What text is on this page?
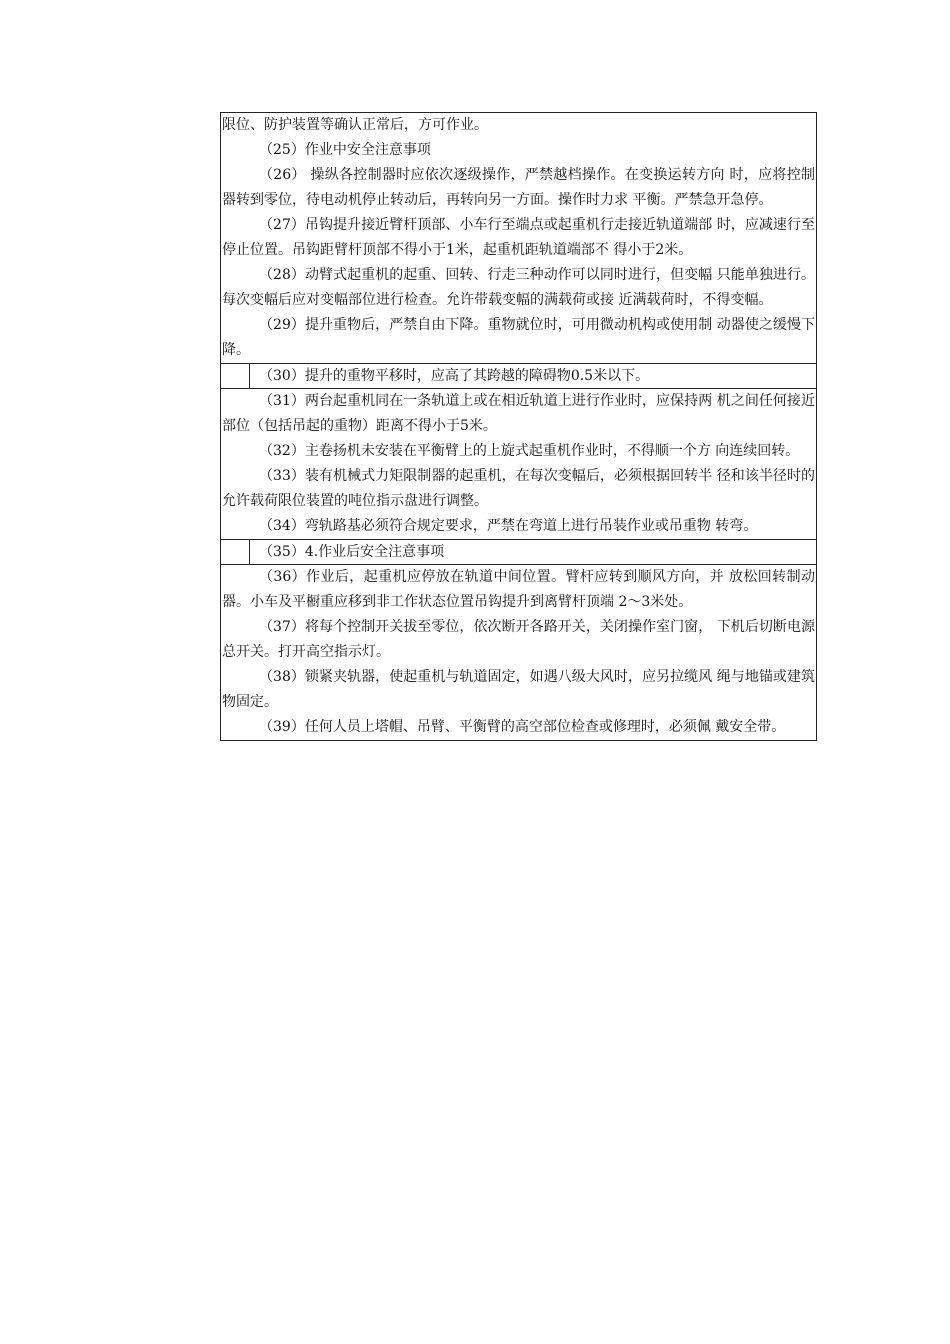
限位、防护装置等确认正常后，方可作业。

（25）作业中安全注意事项

（26） 操纵各控制器时应依次逐级操作，严禁越档操作。在变换运转方向 时，应将控制器转到零位，待电动机停止转动后，再转向另一方面。操作时力求 平衡。严禁急开急停。

（27）吊钩提升接近臂杆顶部、小车行至端点或起重机行走接近轨道端部 时，应减速行至停止位置。吊钩距臂杆顶部不得小于1米，起重机距轨道端部不 得小于2米。

（28）动臂式起重机的起重、回转、行走三种动作可以同时进行，但变幅 只能单独进行。每次变幅后应对变幅部位进行检查。允许带载变幅的满载荷或接 近满载荷时，不得变幅。

（29）提升重物后，严禁自由下降。重物就位时，可用微动机构或使用制 动器使之缓慢下降。

（30）提升的重物平移时，应高了其跨越的障碍物0.5米以下。

（31）两台起重机同在一条轨道上或在相近轨道上进行作业时，应保持两 机之间任何接近部位（包括吊起的重物）距离不得小于5米。

（32）主卷扬机未安装在平衡臂上的上旋式起重机作业时，不得顺一个方 向连续回转。

（33）装有机械式力矩限制器的起重机，在每次变幅后，必须根据回转半 径和该半径时的允许载荷限位装置的吨位指示盘进行调整。

（34）弯轨路基必须符合规定要求，严禁在弯道上进行吊装作业或吊重物 转弯。

（35）4.作业后安全注意事项

（36）作业后，起重机应停放在轨道中间位置。臂杆应转到顺风方向，并 放松回转制动器。小车及平橱重应移到非工作状态位置吊钩提升到离臂杆顶端 2〜3米处。

（37）将每个控制开关拔至零位，依次断开各路开关，关闭操作室门窗， 下机后切断电源总开关。打开高空指示灯。

（38）锁紧夹轨器，使起重机与轨道固定，如遇八级大风时，应另拉缆风 绳与地锚或建筑物固定。

（39）任何人员上塔帽、吊臂、平衡臂的高空部位检查或修理时，必须佩 戴安全带。
